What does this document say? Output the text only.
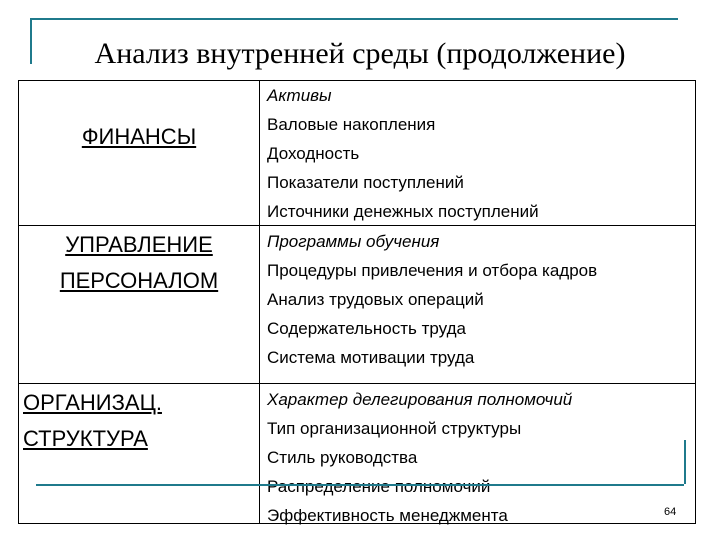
Анализ внутренней среды (продолжение)
ФИНАНСЫ
Активы
Валовые накопления
Доходность
Показатели поступлений
Источники денежных поступлений
УПРАВЛЕНИЕ
ПЕРСОНАЛОМ
Программы обучения
Процедуры привлечения и отбора кадров
Анализ трудовых операций
Содержательность труда
Система мотивации труда
ОРГАНИЗАЦ.
СТРУКТУРА
Характер делегирования полномочий
Тип организационной структуры
Стиль руководства
Распределение полномочий
Эффективность менеджмента	64
